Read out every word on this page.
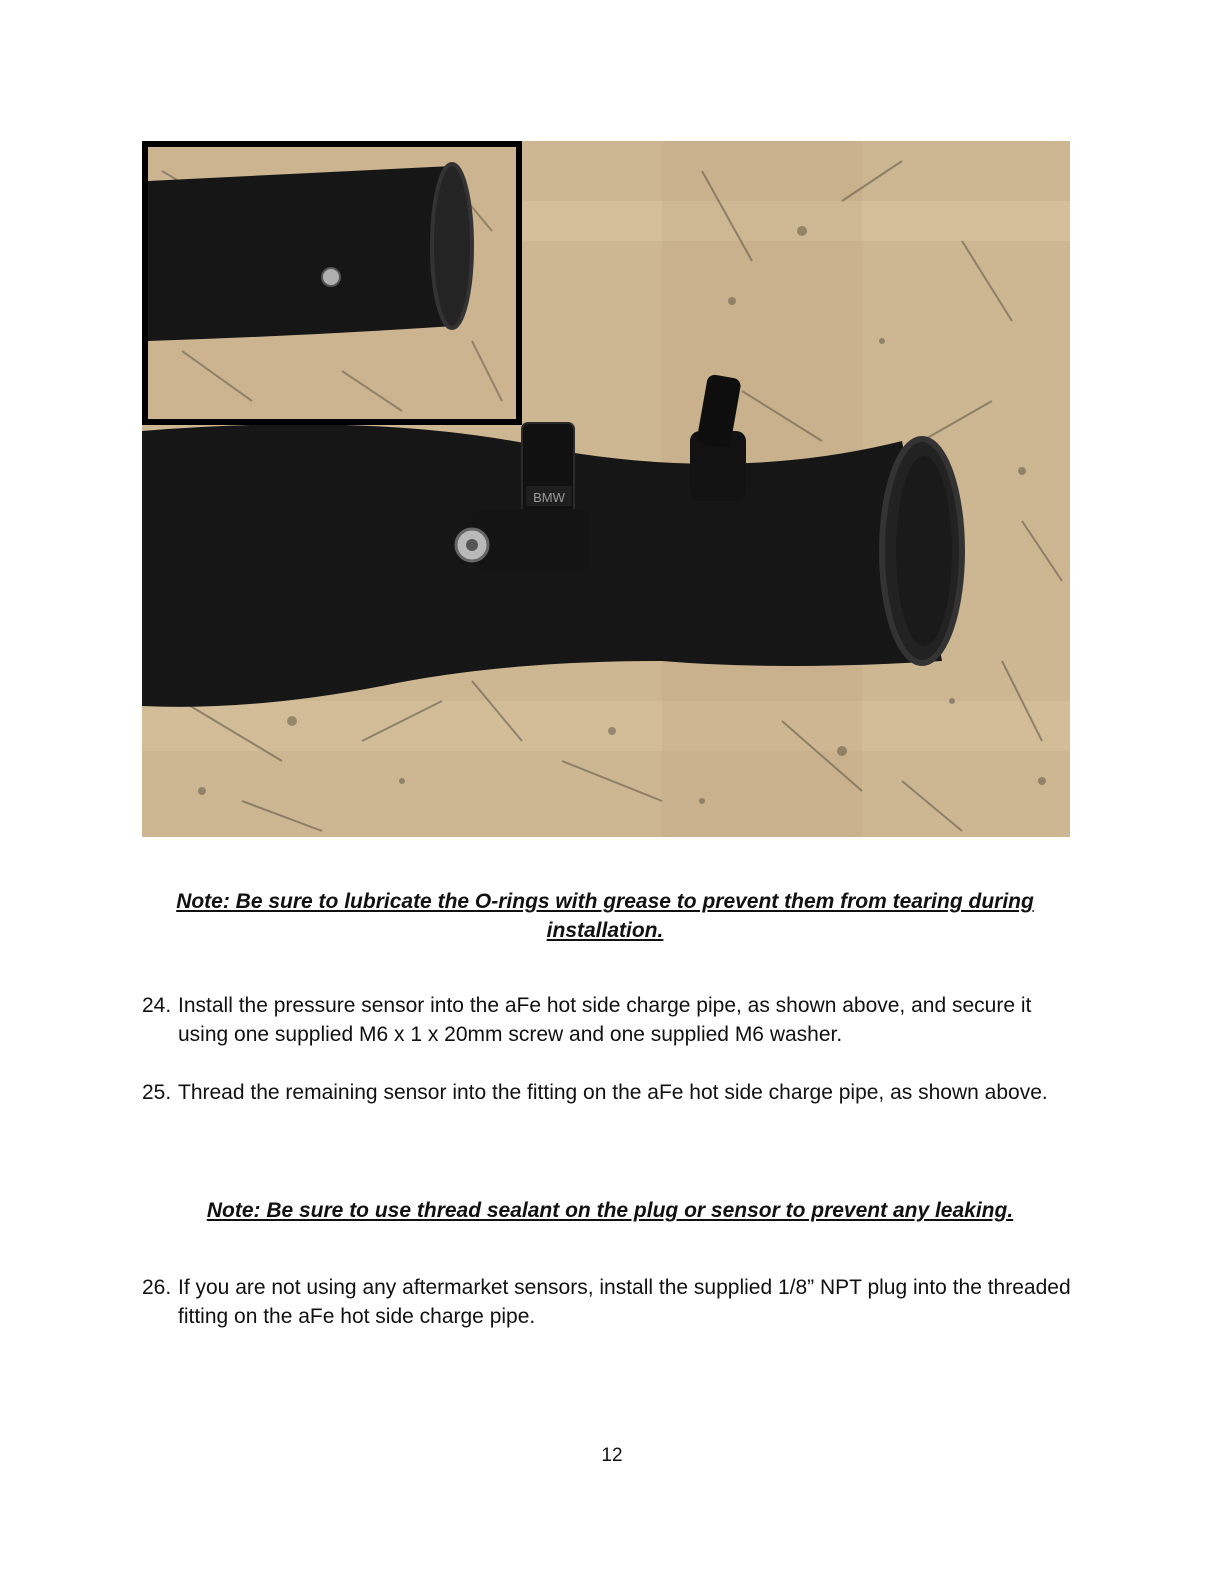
BMW
Note: Be sure to lubricate the O-rings with grease to prevent them from tearing during installation.
24. Install the pressure sensor into the aFe hot side charge pipe, as shown above, and secure it using one supplied M6 x 1 x 20mm screw and one supplied M6 washer.
25. Thread the remaining sensor into the fitting on the aFe hot side charge pipe, as shown above.
Note: Be sure to use thread sealant on the plug or sensor to prevent any leaking.
26. If you are not using any aftermarket sensors, install the supplied 1/8” NPT plug into the threaded fitting on the aFe hot side charge pipe.
12
